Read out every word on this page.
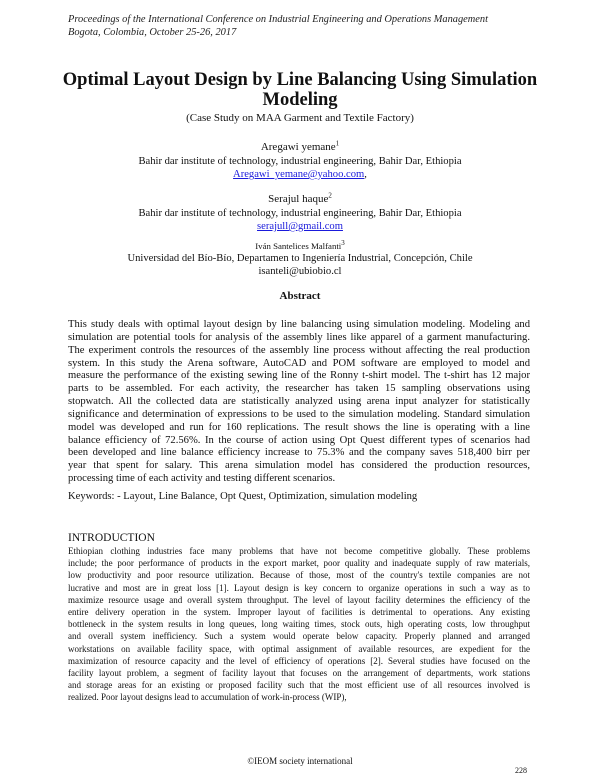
Proceedings of the International Conference on Industrial Engineering and Operations Management
Bogota, Colombia, October 25-26, 2017
Optimal Layout Design by Line Balancing Using Simulation
Modeling
(Case Study on MAA Garment and Textile Factory)
Aregawi yemane$^1$
Bahir dar institute of technology, industrial engineering, Bahir Dar, Ethiopia
Aregawi_yemane@yahoo.com,
Serajul haque$^2$
Bahir dar institute of technology, industrial engineering, Bahir Dar, Ethiopia
serajull@gmail.com
Iván Santelices Malfanti$^3$
Universidad del Bío-Bío, Departamen to Ingeniería Industrial, Concepción, Chile
isanteli@ubiobio.cl
Abstract
This study deals with optimal layout design by line balancing using simulation modeling. Modeling and
simulation are potential tools for analysis of the assembly lines like apparel of a garment manufacturing.
The experiment controls the resources of the assembly line process without affecting the real production
system. In this study the Arena software, AutoCAD and POM software are employed to model and
measure the performance of the existing sewing line of the Ronny t-shirt model. The t-shirt has 12 major
parts to be assembled. For each activity, the researcher has taken 15 sampling observations using
stopwatch. All the collected data are statistically analyzed using arena input analyzer for statistically
significance and determination of expressions to be used to the simulation modeling. Standard simulation
model was developed and run for 160 replications. The result shows the line is operating with a line
balance efficiency of 72.56%. In the course of action using Opt Quest different types of scenarios had
been developed and line balance efficiency increase to 75.3% and the company saves 518,400 birr per
year that spent for salary. This arena simulation model has considered the production resources,
processing time of each activity and testing different scenarios.
Keywords: - Layout, Line Balance, Opt Quest, Optimization, simulation modeling
INTRODUCTION
Ethiopian clothing industries face many problems that have not become competitive globally. These problems
include; the poor performance of products in the export market, poor quality and inadequate supply of raw materials,
low productivity and poor resource utilization. Because of those, most of the country's textile companies are not
lucrative and most are in great loss [1]. Layout design is key concern to organize operations in such a way as to
maximize resource usage and overall system throughput. The level of layout facility determines the efficiency of the
entire delivery operation in the system. Improper layout of facilities is detrimental to operations. Any existing
bottleneck in the system results in long queues, long waiting times, stock outs, high operating costs, low throughput
and overall system inefficiency. Such a system would operate below capacity. Properly planned and arranged
workstations on available facility space, with optimal assignment of available resources, are expedient for the
maximization of resource capacity and the level of efficiency of operations [2]. Several studies have focused on the
facility layout problem, a segment of facility layout that focuses on the arrangement of departments, work stations
and storage areas for an existing or proposed facility such that the most efficient use of all resources involved is
realized. Poor layout designs lead to accumulation of work-in-process (WIP),
©IEOM society international
228
